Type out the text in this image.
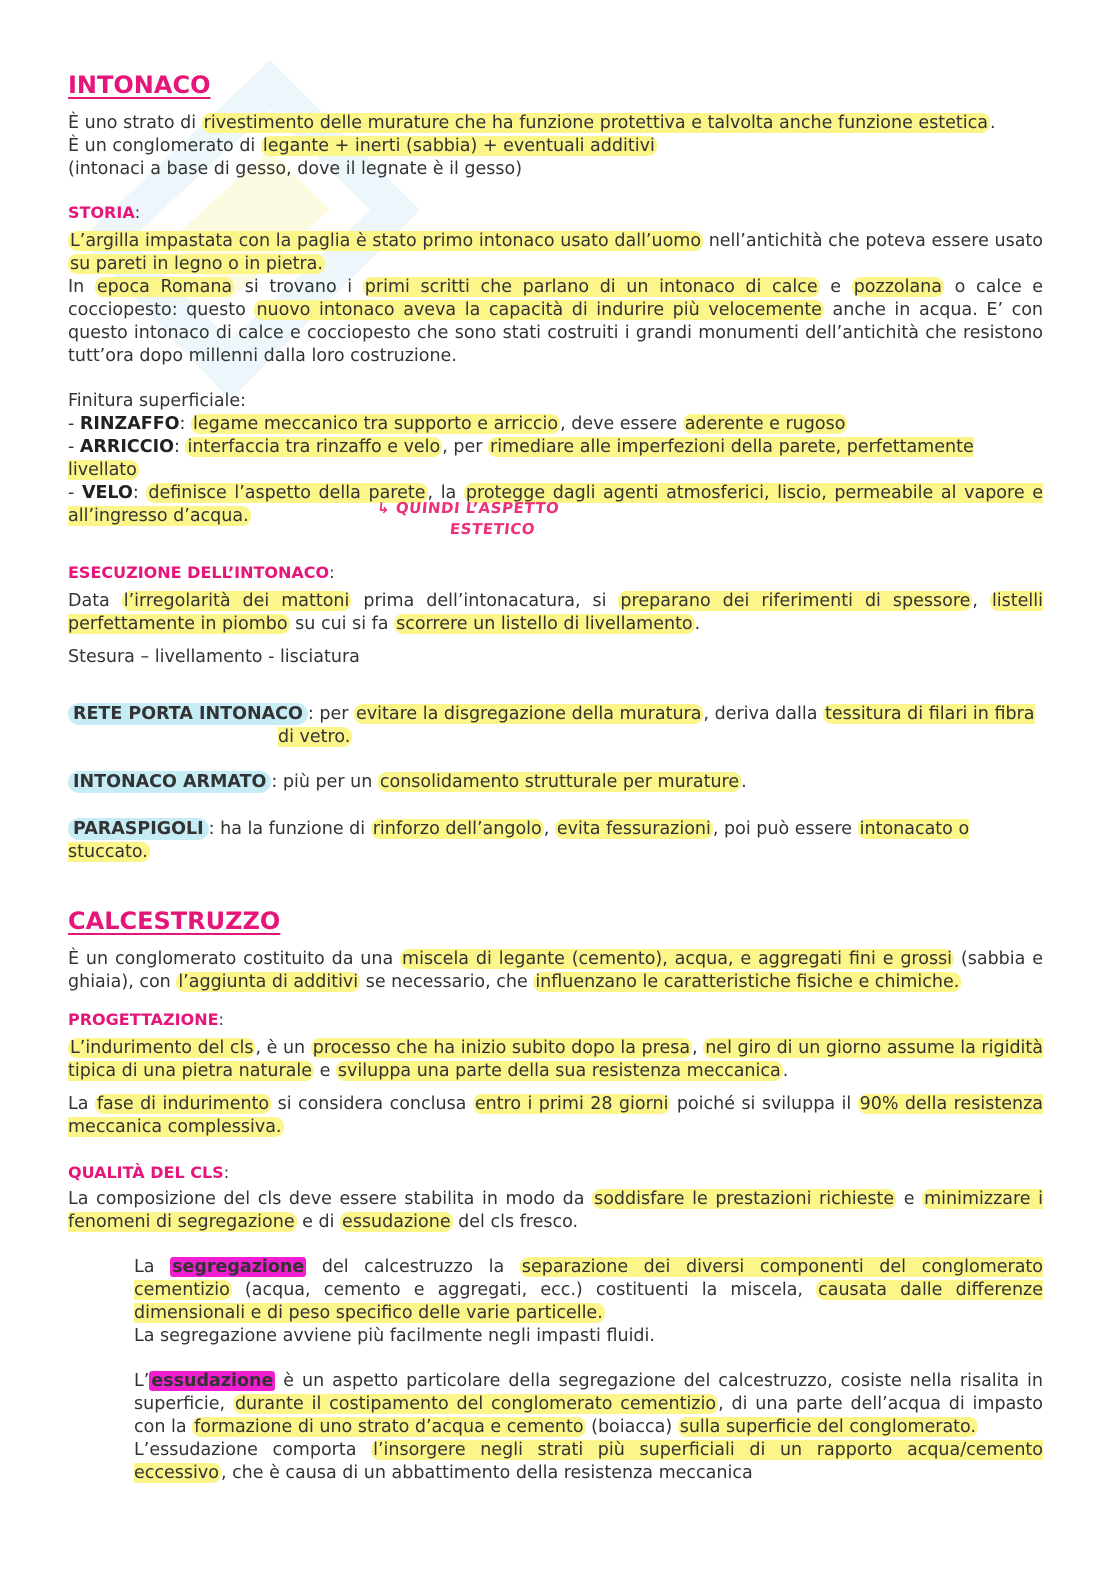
INTONACO

È uno strato di rivestimento delle murature che ha funzione protettiva e talvolta anche funzione estetica .

È un conglomerato di legante + inerti (sabbia) + eventuali additivi

(intonaci a base di gesso, dove il legnate è il gesso)

STORIA:

L’argilla impastata con la paglia è stato primo intonaco usato dall’uomo nell’antichità che poteva essere usato su pareti in legno o in pietra.
In epoca Romana si trovano i primi scritti che parlano di un intonaco di calce e pozzolana o calce e cocciopesto: questo nuovo intonaco aveva la capacità di indurire più velocemente anche in acqua. E’ con questo intonaco di calce e cocciopesto che sono stati costruiti i grandi monumenti dell’antichità che resistono tutt’ora dopo millenni dalla loro costruzione.

Finitura superficiale:

- RINZAFFO: legame meccanico tra supporto e arriccio , deve essere aderente e rugoso

- ARRICCIO: interfaccia tra rinzaffo e velo , per rimediare alle imperfezioni della parete, perfettamente livellato

- VELO: definisce l’aspetto della parete , la protegge dagli agenti atmosferici, liscio, permeabile al vapore e all’ingresso d’acqua.

ESECUZIONE DELL’INTONACO:

Data l’irregolarità dei mattoni prima dell’intonacatura, si preparano dei riferimenti di spessore , listelli perfettamente in piombo su cui si fa scorrere un listello di livellamento .

Stesura – livellamento - lisciatura

RETE PORTA INTONACO : per evitare la disgregazione della muratura , deriva dalla tessitura di filari in fibra di vetro.

INTONACO ARMATO : più per un consolidamento strutturale per murature .

PARASPIGOLI : ha la funzione di rinforzo dell’angolo , evita fessurazioni , poi può essere intonacato o stuccato.

CALCESTRUZZO

È un conglomerato costituito da una miscela di legante (cemento), acqua, e aggregati fini e grossi (sabbia e ghiaia), con l’aggiunta di additivi se necessario, che influenzano le caratteristiche fisiche e chimiche.

PROGETTAZIONE:

L’indurimento del cls , è un processo che ha inizio subito dopo la presa , nel giro di un giorno assume la rigidità tipica di una pietra naturale e sviluppa una parte della sua resistenza meccanica .

La fase di indurimento si considera conclusa entro i primi 28 giorni poiché si sviluppa il 90% della resistenza meccanica complessiva.

QUALITÀ DEL CLS:

La composizione del cls deve essere stabilita in modo da soddisfare le prestazioni richieste e minimizzare i fenomeni di segregazione e di essudazione del cls fresco.

La segregazione del calcestruzzo la separazione dei diversi componenti del conglomerato cementizio (acqua, cemento e aggregati, ecc.) costituenti la miscela, causata dalle differenze dimensionali e di peso specifico delle varie particelle.
La segregazione avviene più facilmente negli impasti fluidi.

L’ essudazione è un aspetto particolare della segregazione del calcestruzzo, cosiste nella risalita in superficie, durante il costipamento del conglomerato cementizio , di una parte dell’acqua di impasto con la formazione di uno strato d’acqua e cemento (boiacca) sulla superficie del conglomerato.
L’essudazione comporta l’insorgere negli strati più superficiali di un rapporto acqua/cemento eccessivo , che è causa di un abbattimento della resistenza meccanica

↳ QUINDI L’ASPETTO
ESTETICO
